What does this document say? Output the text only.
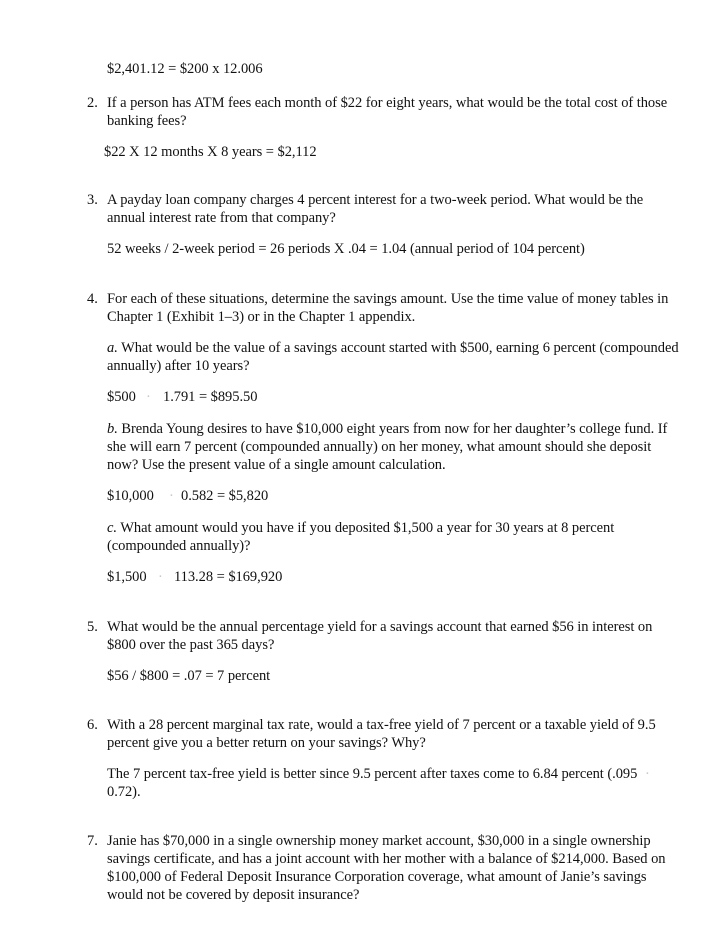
$2,401.12 = $200 x 12.006
2. If a person has ATM fees each month of $22 for eight years, what would be the total cost of those
banking fees?
$22 X 12 months X 8 years = $2,112
3. A payday loan company charges 4 percent interest for a two-week period. What would be the
annual interest rate from that company?
52 weeks / 2-week period = 26 periods X .04 = 1.04 (annual period of 104 percent)
4. For each of these situations, determine the savings amount. Use the time value of money tables in
Chapter 1 (Exhibit 1–3) or in the Chapter 1 appendix.
a. What would be the value of a savings account started with $500, earning 6 percent (compounded
annually) after 10 years?
$500 · 1.791 = $895.50
b. Brenda Young desires to have $10,000 eight years from now for her daughter’s college fund. If
she will earn 7 percent (compounded annually) on her money, what amount should she deposit
now? Use the present value of a single amount calculation.
$10,000 · 0.582 = $5,820
c. What amount would you have if you deposited $1,500 a year for 30 years at 8 percent
(compounded annually)?
$1,500 · 113.28 = $169,920
5. What would be the annual percentage yield for a savings account that earned $56 in interest on
$800 over the past 365 days?
$56 / $800 = .07 = 7 percent
6. With a 28 percent marginal tax rate, would a tax-free yield of 7 percent or a taxable yield of 9.5
percent give you a better return on your savings? Why?
The 7 percent tax-free yield is better since 9.5 percent after taxes come to 6.84 percent (.095 ·
0.72).
7. Janie has $70,000 in a single ownership money market account, $30,000 in a single ownership
savings certificate, and has a joint account with her mother with a balance of $214,000. Based on
$100,000 of Federal Deposit Insurance Corporation coverage, what amount of Janie’s savings
would not be covered by deposit insurance?
